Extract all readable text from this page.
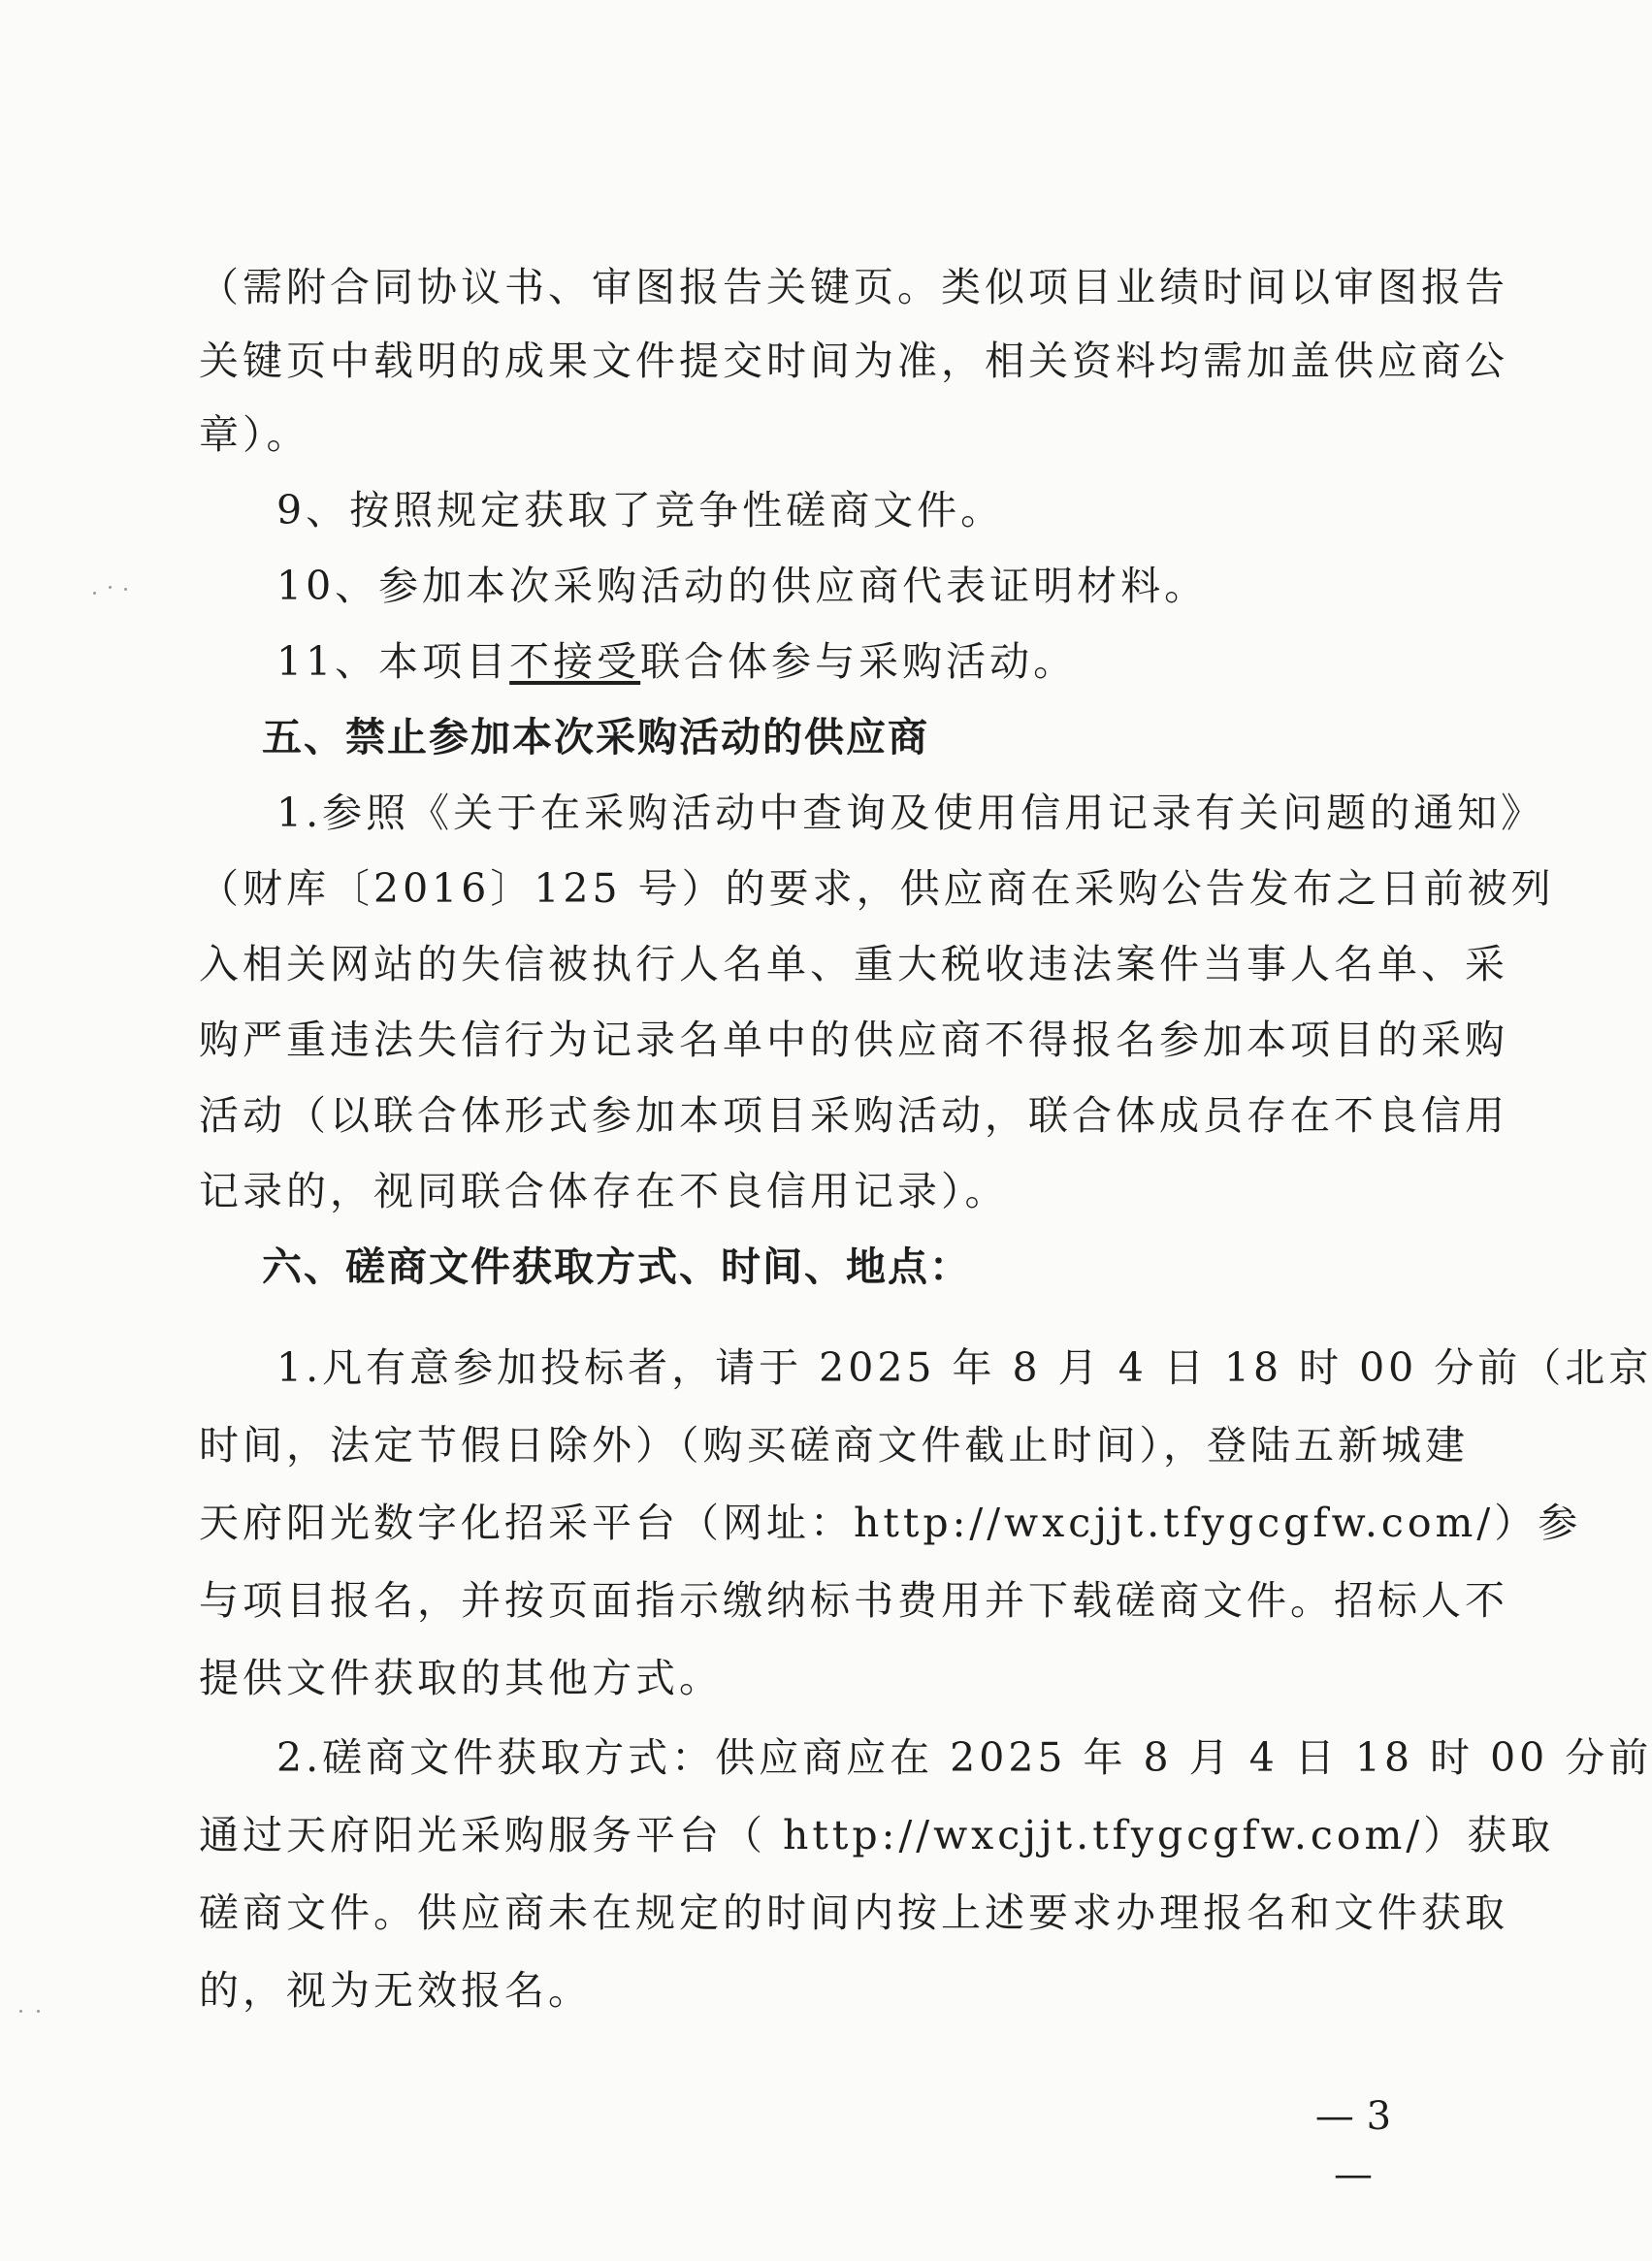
（需附合同协议书、审图报告关键页。类似项目业绩时间以审图报告
关键页中载明的成果文件提交时间为准，相关资料均需加盖供应商公
章）。
9、按照规定获取了竞争性磋商文件。
10、参加本次采购活动的供应商代表证明材料。
11、本项目不接受联合体参与采购活动。
五、禁止参加本次采购活动的供应商
1.参照《关于在采购活动中查询及使用信用记录有关问题的通知》
（财库〔2016〕125 号）的要求，供应商在采购公告发布之日前被列
入相关网站的失信被执行人名单、重大税收违法案件当事人名单、采
购严重违法失信行为记录名单中的供应商不得报名参加本项目的采购
活动（以联合体形式参加本项目采购活动，联合体成员存在不良信用
记录的，视同联合体存在不良信用记录）。
六、磋商文件获取方式、时间、地点：
1.凡有意参加投标者，请于 2025 年 8 月 4 日 18 时 00 分前（北京
时间，法定节假日除外）（购买磋商文件截止时间），登陆五新城建
天府阳光数字化招采平台（网址：http://wxcjjt.tfygcgfw.com/）参
与项目报名，并按页面指示缴纳标书费用并下载磋商文件。招标人不
提供文件获取的其他方式。
2.磋商文件获取方式：供应商应在 2025 年 8 月 4 日 18 时 00 分前
通过天府阳光采购服务平台（ http://wxcjjt.tfygcgfw.com/）获取
磋商文件。供应商未在规定的时间内按上述要求办理报名和文件获取
的，视为无效报名。
— 3 —
